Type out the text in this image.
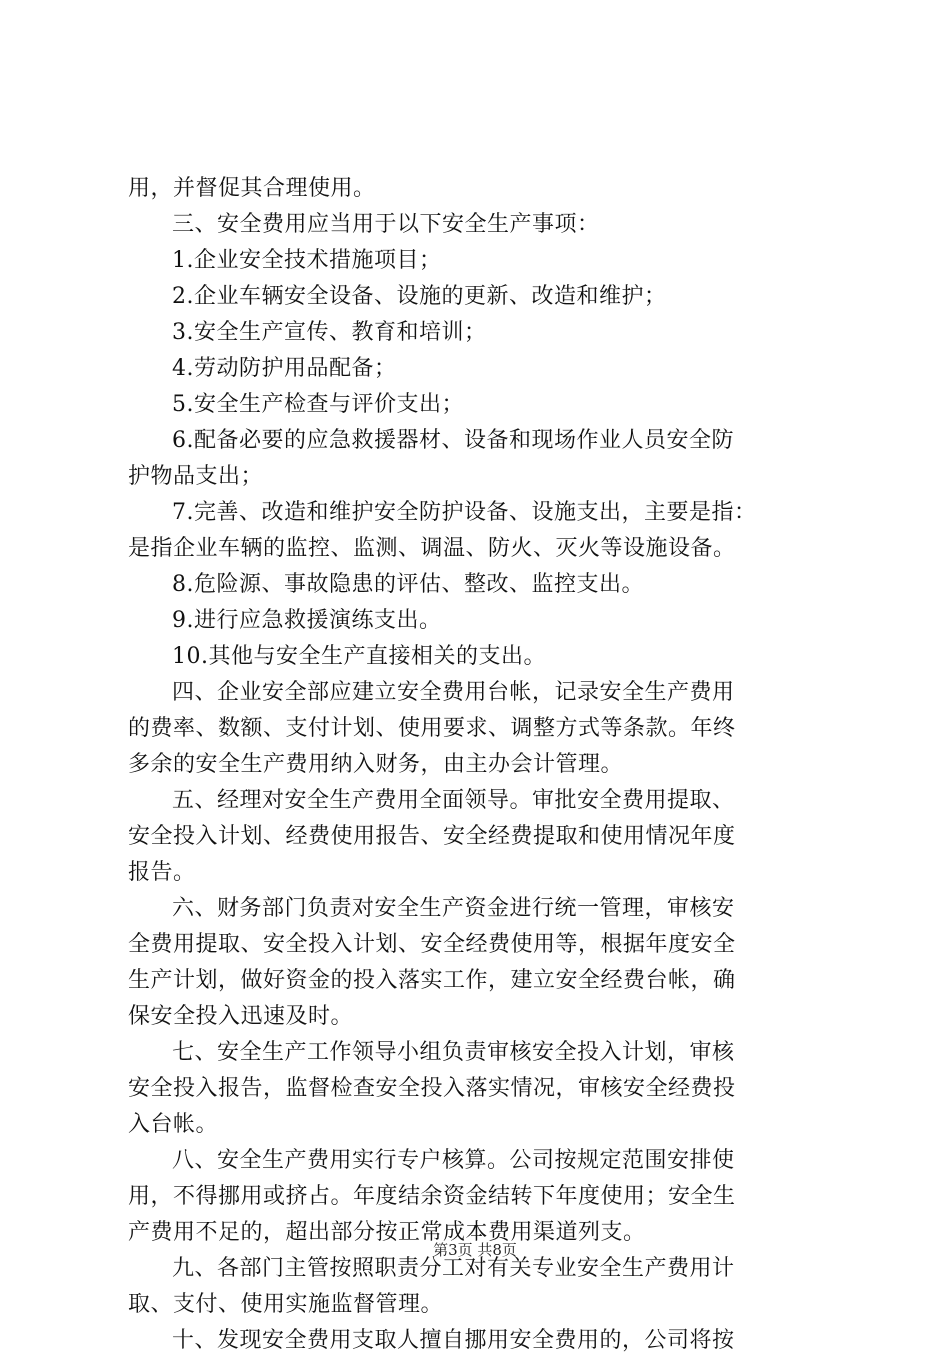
用，并督促其合理使用。
三、安全费用应当用于以下安全生产事项：
1.企业安全技术措施项目；
2.企业车辆安全设备、设施的更新、改造和维护；
3.安全生产宣传、教育和培训；
4.劳动防护用品配备；
5.安全生产检查与评价支出；
6.配备必要的应急救援器材、设备和现场作业人员安全防
护物品支出；
7.完善、改造和维护安全防护设备、设施支出，主要是指：
是指企业车辆的监控、监测、调温、防火、灭火等设施设备。
8.危险源、事故隐患的评估、整改、监控支出。
9.进行应急救援演练支出。
10.其他与安全生产直接相关的支出。
四、企业安全部应建立安全费用台帐，记录安全生产费用
的费率、数额、支付计划、使用要求、调整方式等条款。年终
多余的安全生产费用纳入财务，由主办会计管理。
五、经理对安全生产费用全面领导。审批安全费用提取、
安全投入计划、经费使用报告、安全经费提取和使用情况年度
报告。
六、财务部门负责对安全生产资金进行统一管理，审核安
全费用提取、安全投入计划、安全经费使用等，根据年度安全
生产计划，做好资金的投入落实工作，建立安全经费台帐，确
保安全投入迅速及时。
七、安全生产工作领导小组负责审核安全投入计划，审核
安全投入报告，监督检查安全投入落实情况，审核安全经费投
入台帐。
八、安全生产费用实行专户核算。公司按规定范围安排使
用，不得挪用或挤占。年度结余资金结转下年度使用；安全生
产费用不足的，超出部分按正常成本费用渠道列支。
九、各部门主管按照职责分工对有关专业安全生产费用计
取、支付、使用实施监督管理。
十、发现安全费用支取人擅自挪用安全费用的，公司将按
第3页 共8页
